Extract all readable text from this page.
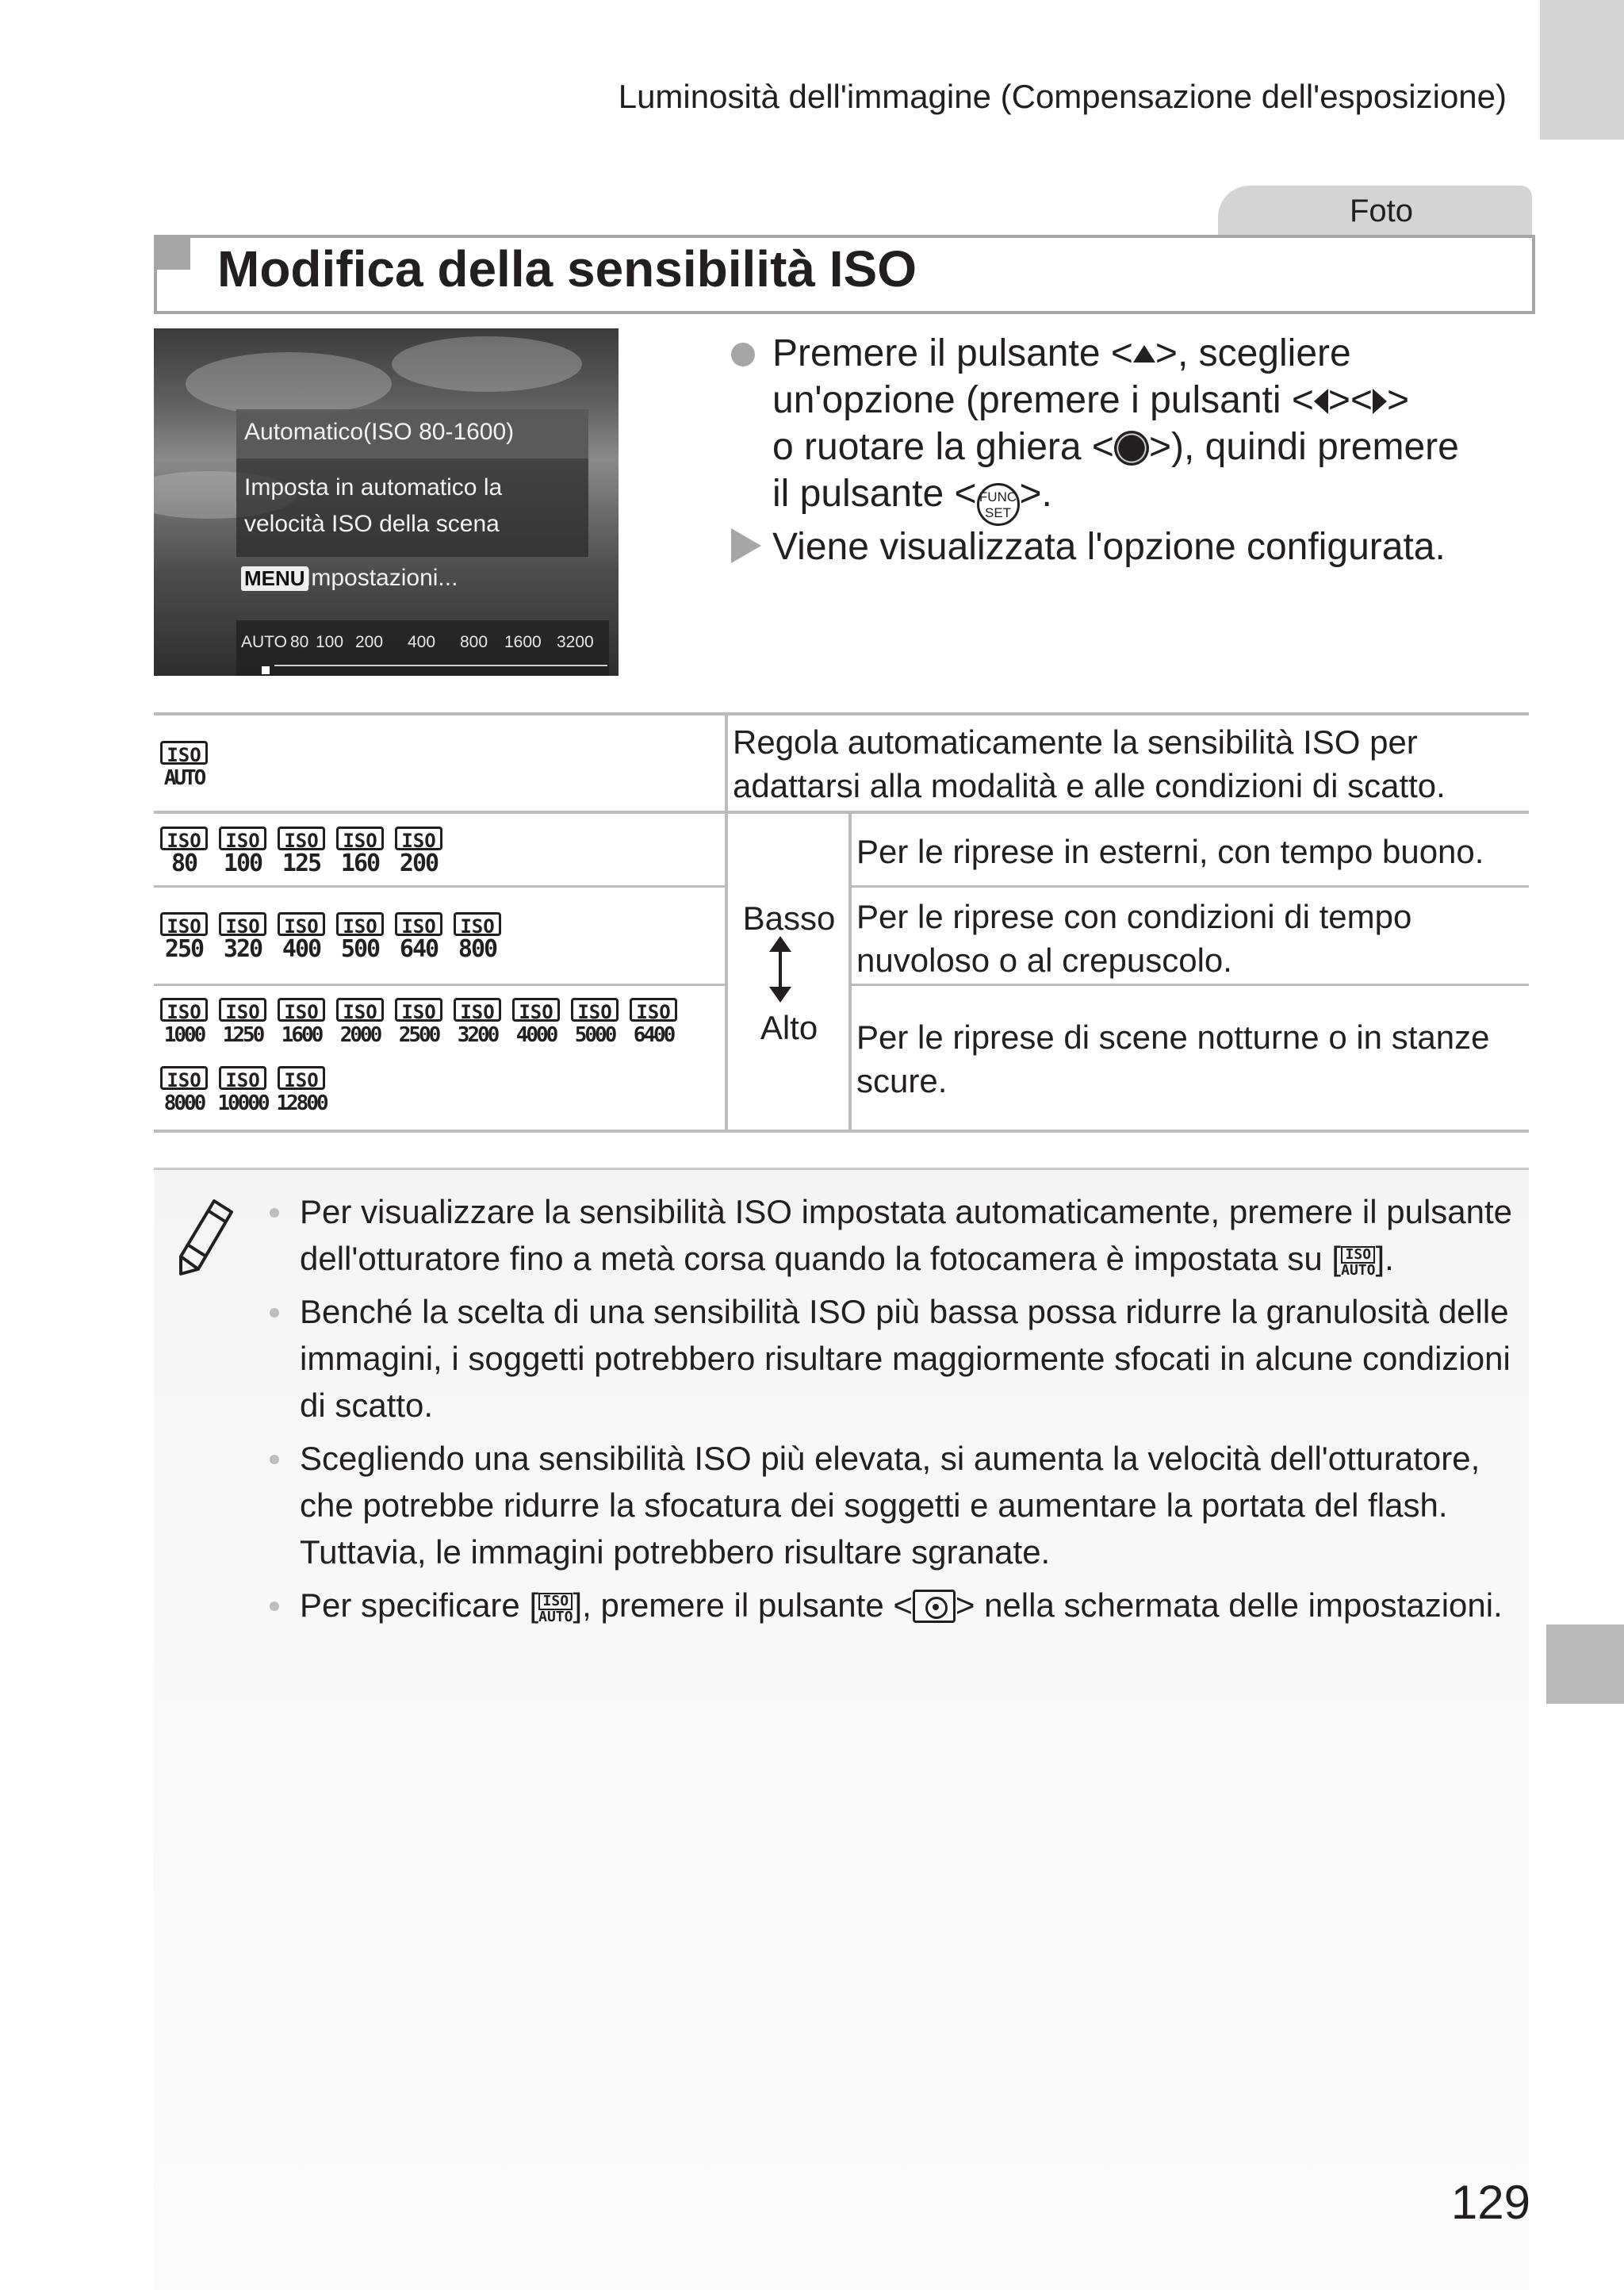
Luminosità dell'immagine (Compensazione dell'esposizione)
Foto
Modifica della sensibilità ISO
Automatico(ISO 80-1600)
Imposta in automatico la
velocità ISO della scena
MENU Impostazioni...
AUTO 80 100 200 400 800 1600 3200
Premere il pulsante < >, scegliere
un'opzione (premere i pulsanti < >< >
o ruotare la ghiera < >), quindi premere
il pulsante < FUNC
SET >.
Viene visualizzata l'opzione configurata.
ISO
AUTO
Regola automaticamente la sensibilità ISO per adattarsi alla modalità e alle condizioni di scatto.
ISO
80
ISO
100
ISO
125
ISO
160
ISO
200	Per le riprese in esterni, con tempo buono.
ISO
250
ISO
320
ISO
400
ISO
500
ISO
640
ISO
800
Per le riprese con condizioni di tempo nuvoloso o al crepuscolo.
ISO
1000
ISO
1250
ISO
1600
ISO
2000
ISO
2500
ISO
3200
ISO
4000
ISO
5000
ISO
6400
ISO
8000
ISO
10000
ISO
12800
Per le riprese di scene notturne o in stanze scure.
Basso
Alto
Per visualizzare la sensibilità ISO impostata automaticamente, premere il pulsante dell'otturatore fino a metà corsa quando la fotocamera è impostata su [ ISO
AUTO].
Benché la scelta di una sensibilità ISO più bassa possa ridurre la granulosità delle immagini, i soggetti potrebbero risultare maggiormente sfocati in alcune condizioni di scatto.
Scegliendo una sensibilità ISO più elevata, si aumenta la velocità dell'otturatore, che potrebbe ridurre la sfocatura dei soggetti e aumentare la portata del flash. Tuttavia, le immagini potrebbero risultare sgranate.
Per specificare [ ISO
AUTO], premere il pulsante < > nella schermata delle impostazioni.
129
